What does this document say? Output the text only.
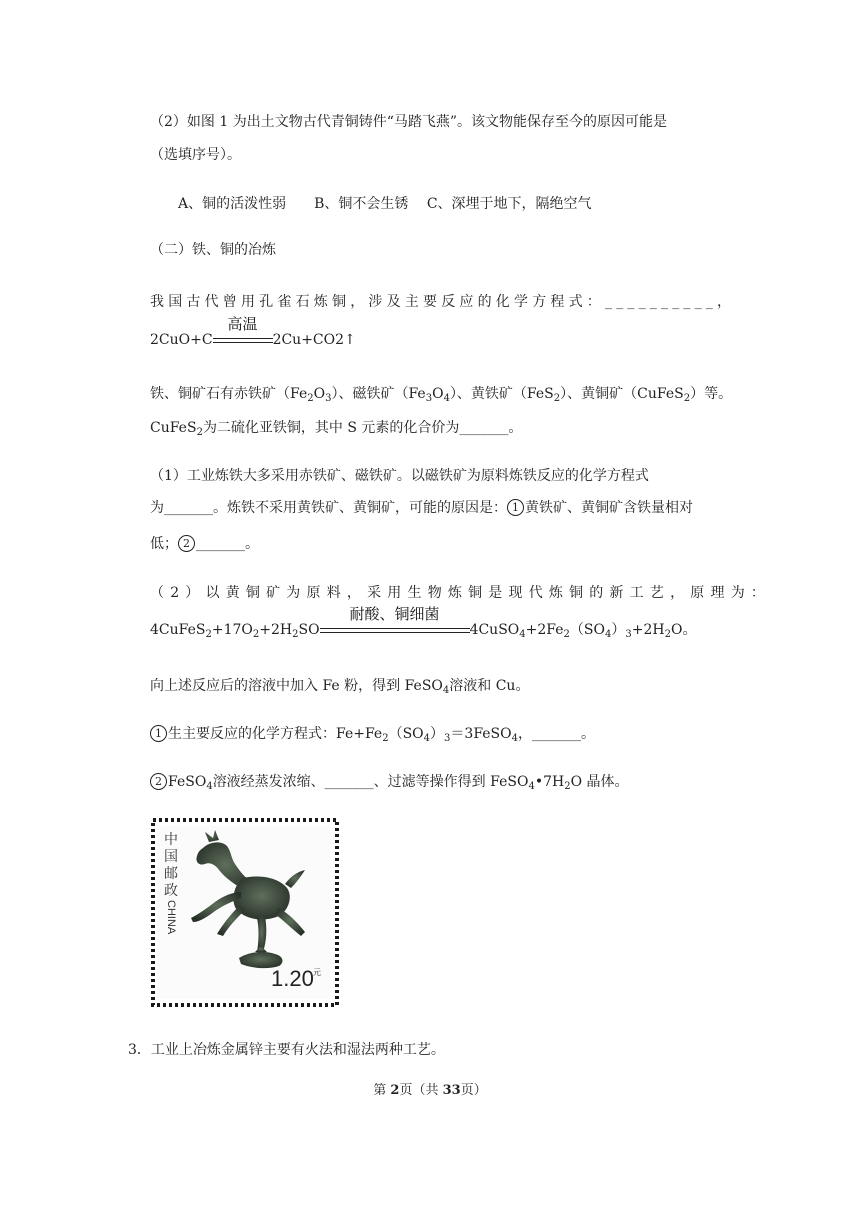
（2）如图 1 为出土文物古代青铜铸件“马踏飞燕”。该文物能保存至今的原因可能是
（选填序号）。
A、铜的活泼性弱　　B、铜不会生锈　 C、深埋于地下，隔绝空气
（二）铁、铜的冶炼
我国古代曾用孔雀石炼铜，涉及主要反应的化学方程式：__________，
2CuO+C
高温
2Cu+CO2↑
铁、铜矿石有赤铁矿$(Fe_2O_3)$、磁铁矿$(Fe_3O_4)$、黄铁矿（FeS$_2$）、黄铜矿（CuFeS$_2$）等。
CuFeS$_2$为二硫化亚铁铜，其中 S 元素的化合价为_______。
（1）工业炼铁大多采用赤铁矿、磁铁矿。以磁铁矿为原料炼铁反应的化学方程式
为_______。炼铁不采用黄铁矿、黄铜矿，可能的原因是： 1 黄铁矿、黄铜矿含铁量相对
低； 2 _______。
（2）以黄铜矿为原料，采用生物炼铜是现代炼铜的新工艺，原理为：
$4CuFeS_2+17O_2+2H_2SO$
耐酸、铜细菌
$4CuSO_4+2Fe_2(SO_4)_3+2H_2O$。
向上述反应后的溶液中加入 Fe 粉，得到 FeSO$_4$溶液和 Cu。
1 生主要反应的化学方程式：$Fe+Fe_2(SO_4)_3=3FeSO_4$，_______。
2 FeSO$_4$溶液经蒸发浓缩、_______、过滤等操作得到 $FeSO_4•7H_2O$ 晶体。
中
国
邮
政
CHINA
1.20 元
3．工业上冶炼金属锌主要有火法和湿法两种工艺。
第 2页（共 33页）
